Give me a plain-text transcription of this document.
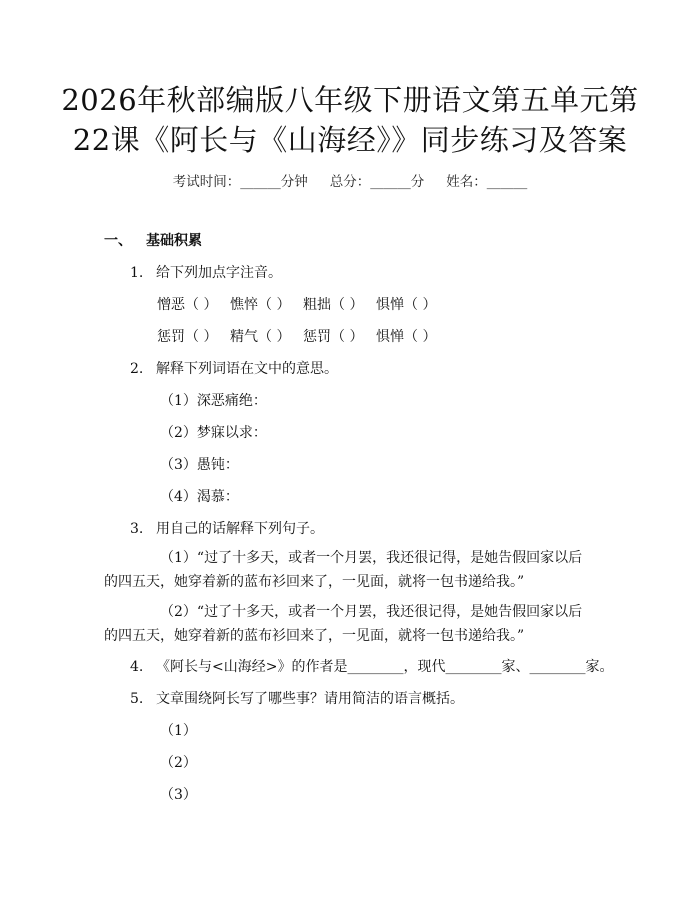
2026年秋部编版八年级下册语文第五单元第
22课《阿长与《山海经》》同步练习及答案
考试时间：______分钟 总分：______分 姓名：______
一、 基础积累
1. 给下列加点字注音。
憎恶（ ） 憔悴（ ） 粗拙（ ） 惧惮（ ）
惩罚（ ） 精气（ ） 惩罚（ ） 惧惮（ ）
2. 解释下列词语在文中的意思。
（1）深恶痛绝：
（2）梦寐以求：
（3）愚钝：
（4）渴慕：
3. 用自己的话解释下列句子。
（1）“过了十多天，或者一个月罢，我还很记得，是她告假回家以后的四五天，她穿着新的蓝布衫回来了，一见面，就将一包书递给我。”
（2）“过了十多天，或者一个月罢，我还很记得，是她告假回家以后的四五天，她穿着新的蓝布衫回来了，一见面，就将一包书递给我。”
4. 《阿长与<山海经>》的作者是________，现代________家、________家。
5. 文章围绕阿长写了哪些事？请用简洁的语言概括。
（1）
（2）
（3）
